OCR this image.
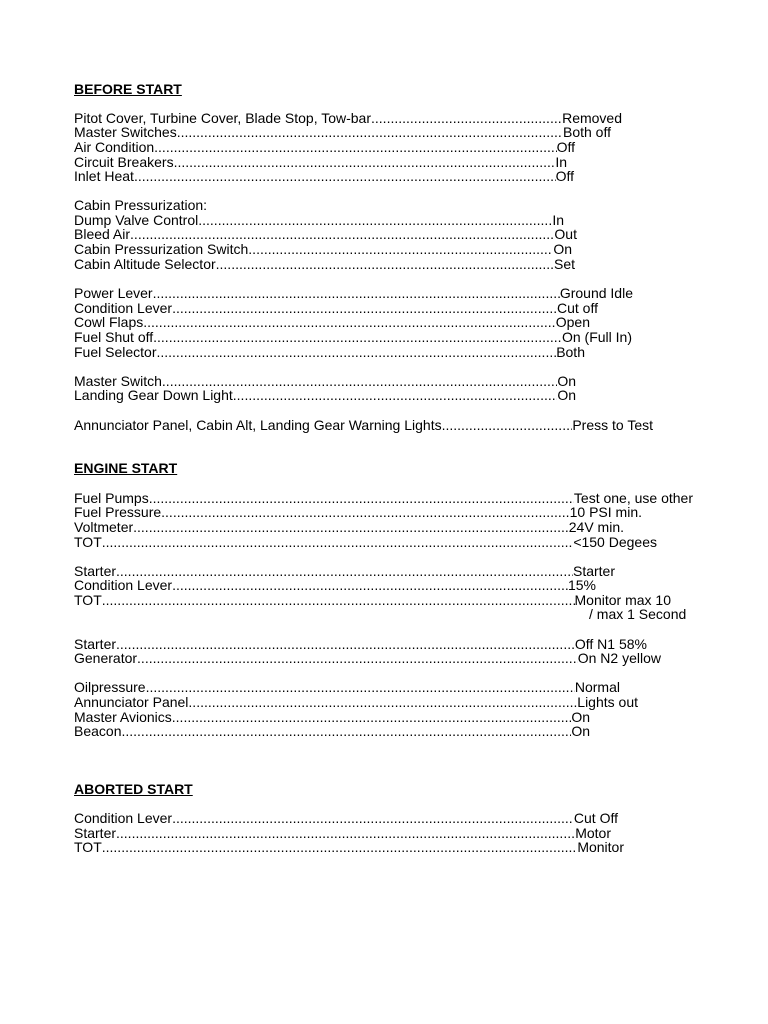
BEFORE START
Pitot Cover, Turbine Cover, Blade Stop, Tow-bar .....	Removed
Master Switches .....	Both off
Air Condition .....	Off
Circuit Breakers .....	In
Inlet Heat .....	Off
Cabin Pressurization:
Dump Valve Control .....	In
Bleed Air .....	Out
Cabin Pressurization Switch .....	On
Cabin Altitude Selector .....	Set
Power Lever .....	Ground Idle
Condition Lever .....	Cut off
Cowl Flaps .....	Open
Fuel Shut off .....	On (Full In)
Fuel Selector .....	Both
Master Switch .....	On
Landing Gear Down Light .....	On
Annunciator Panel, Cabin Alt, Landing Gear Warning Lights .....	Press to Test
ENGINE START
Fuel Pumps .....	Test one, use other
Fuel Pressure .....	10 PSI min.
Voltmeter .....	24V min.
TOT .....	<150 Degees
Starter .....	Starter
Condition Lever .....	15%
TOT .....	Monitor max 10
/ max 1 Second
Starter .....	Off N1 58%
Generator .....	On N2 yellow
Oilpressure .....	Normal
Annunciator Panel .....	Lights out
Master Avionics .....	On
Beacon .....	On
ABORTED START
Condition Lever .....	Cut Off
Starter .....	Motor
TOT .....	Monitor
